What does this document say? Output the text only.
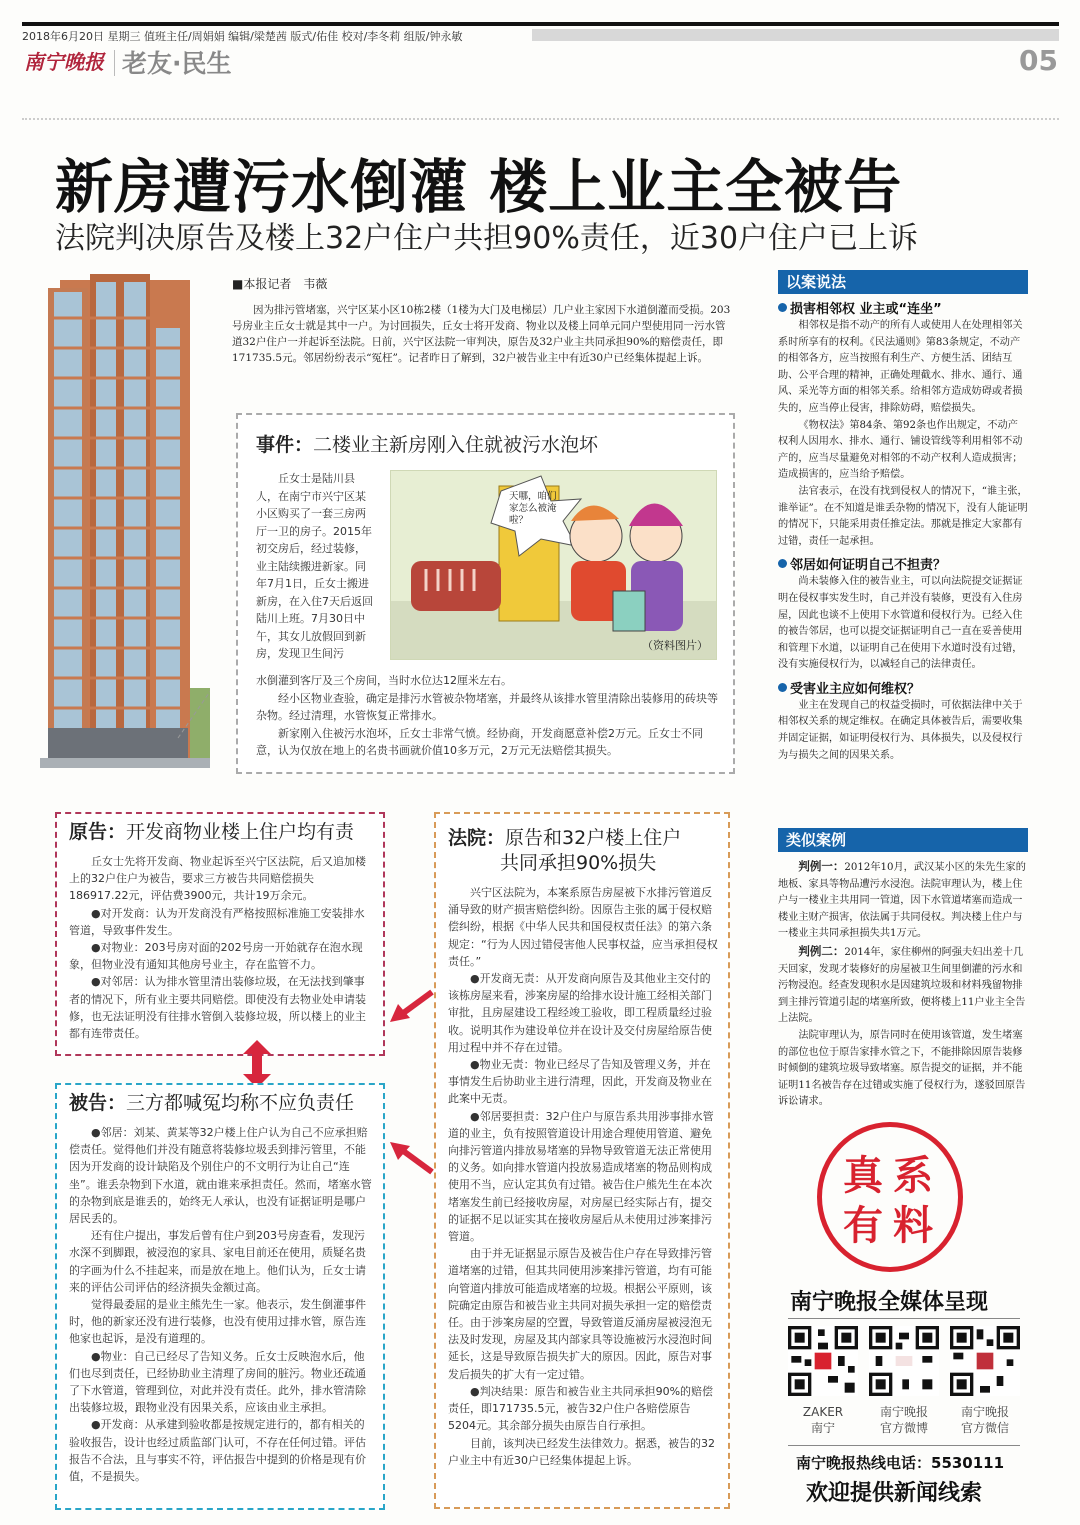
2018年6月20日 星期三 值班主任/周娟娟 编辑/梁楚茜 版式/佑佳 校对/李冬莉 组版/钟永敏
南宁晚报 老友·民生	05
新房遭污水倒灌 楼上业主全被告
法院判决原告及楼上32户住户共担90%责任，近30户住户已上诉
■本报记者　韦薇
因为排污管堵塞，兴宁区某小区10栋2楼（1楼为大门及电梯层）几户业主家因下水道倒灌而受损。203号房业主丘女士就是其中一户。为讨回损失，丘女士将开发商、物业以及楼上同单元同户型使用同一污水管道32户住户一并起诉至法院。日前，兴宁区法院一审判决，原告及32户业主共同承担90%的赔偿责任，即171735.5元。邻居纷纷表示“冤枉”。记者昨日了解到，32户被告业主中有近30户已经集体提起上诉。
事件：二楼业主新房刚入住就被污水泡坏
丘女士是陆川县人，在南宁市兴宁区某小区购买了一套三房两厅一卫的房子。2015年初交房后，经过装修，业主陆续搬进新家。同年7月1日，丘女士搬进新房，在入住7天后返回陆川上班。7月30日中午，其女儿放假回到新房，发现卫生间污
天哪，咱们家怎么被淹啦？
（资料图片）

水倒灌到客厅及三个房间，当时水位达12厘米左右。

经小区物业查验，确定是排污水管被杂物堵塞，并最终从该排水管里清除出装修用的砖块等杂物。经过清理，水管恢复正常排水。

新家刚入住被污水泡坏，丘女士非常气愤。经协商，开发商愿意补偿2万元。丘女士不同意，认为仅放在地上的名贵书画就价值10多万元，2万元无法赔偿其损失。

原告：开发商物业楼上住户均有责

丘女士先将开发商、物业起诉至兴宁区法院，后又追加楼上的32户住户为被告，要求三方被告共同赔偿损失186917.22元，评估费3900元，共计19万余元。

●对开发商：认为开发商没有严格按照标准施工安装排水管道，导致事件发生。

●对物业：203号房对面的202号房一开始就存在泡水现象，但物业没有通知其他房号业主，存在监管不力。

●对邻居：认为排水管里清出装修垃圾，在无法找到肇事者的情况下，所有业主要共同赔偿。即使没有去物业处申请装修，也无法证明没有往排水管倒入装修垃圾，所以楼上的业主都有连带责任。

被告：三方都喊冤均称不应负责任

●邻居：刘某、黄某等32户楼上住户认为自己不应承担赔偿责任。觉得他们并没有随意将装修垃圾丢到排污管里，不能因为开发商的设计缺陷及个别住户的不文明行为让自己“连坐”。谁丢杂物到下水道，就由谁来承担责任。然而，堵塞水管的杂物到底是谁丢的，始终无人承认，也没有证据证明是哪户居民丢的。

还有住户提出，事发后曾有住户到203号房查看，发现污水深不到脚跟，被浸泡的家具、家电目前还在使用，质疑名贵的字画为什么不挂起来，而是放在地上。他们认为，丘女士请来的评估公司评估的经济损失金额过高。

觉得最委屈的是业主熊先生一家。他表示，发生倒灌事件时，他的新家还没有进行装修，也没有使用过排水管，原告连他家也起诉，是没有道理的。

●物业：自己已经尽了告知义务。丘女士反映泡水后，他们也尽到责任，已经协助业主清理了房间的脏污。物业还疏通了下水管道，管理到位，对此并没有责任。此外，排水管清除出装修垃圾，跟物业没有因果关系，应该由业主承担。

●开发商：从承建到验收都是按规定进行的，都有相关的验收报告，设计也经过质监部门认可，不存在任何过错。评估报告不合法，且与事实不符，评估报告中提到的价格是现有价值，不是损失。

法院：原告和32户楼上住户
共同承担90%损失

兴宁区法院为，本案系原告房屋被下水排污管道反涌导致的财产损害赔偿纠纷。因原告主张的属于侵权赔偿纠纷，根据《中华人民共和国侵权责任法》的第六条规定：“行为人因过错侵害他人民事权益，应当承担侵权责任。”

●开发商无责：从开发商向原告及其他业主交付的该栋房屋来看，涉案房屋的给排水设计施工经相关部门审批，且房屋建设工程经竣工验收，即工程质量经过验收。说明其作为建设单位并在设计及交付房屋给原告使用过程中并不存在过错。

●物业无责：物业已经尽了告知及管理义务，并在事情发生后协助业主进行清理，因此，开发商及物业在此案中无责。

●邻居要担责：32户住户与原告系共用涉事排水管道的业主，负有按照管道设计用途合理使用管道、避免向排污管道内排放易堵塞的异物导致管道无法正常使用的义务。如向排水管道内投放易造成堵塞的物品则构成使用不当，应认定其负有过错。被告住户熊先生在本次堵塞发生前已经接收房屋，对房屋已经实际占有，提交的证据不足以证实其在接收房屋后从未使用过涉案排污管道。

由于并无证据显示原告及被告住户存在导致排污管道堵塞的过错，但其共同使用涉案排污管道，均有可能向管道内排放可能造成堵塞的垃圾。根据公平原则，该院确定由原告和被告业主共同对损失承担一定的赔偿责任。由于涉案房屋的空置，导致管道反涌房屋被浸泡无法及时发现，房屋及其内部家具等设施被污水浸泡时间延长，这是导致原告损失扩大的原因。因此，原告对事发后损失的扩大有一定过错。

●判决结果：原告和被告业主共同承担90%的赔偿责任，即171735.5元，被告32户住户各赔偿原告5204元。其余部分损失由原告自行承担。

目前，该判决已经发生法律效力。据悉，被告的32户业主中有近30户已经集体提起上诉。

以案说法
损害相邻权 业主或“连坐”

相邻权是指不动产的所有人或使用人在处理相邻关系时所享有的权利。《民法通则》第83条规定，不动产的相邻各方，应当按照有利生产、方便生活、团结互助、公平合理的精神，正确处理截水、排水、通行、通风、采光等方面的相邻关系。给相邻方造成妨碍或者损失的，应当停止侵害，排除妨碍，赔偿损失。

《物权法》第84条、第92条也作出规定，不动产权利人因用水、排水、通行、铺设管线等利用相邻不动产的，应当尽量避免对相邻的不动产权利人造成损害；造成损害的，应当给予赔偿。

法官表示，在没有找到侵权人的情况下，“谁主张，谁举证”。在不知道是谁丢杂物的情况下，没有人能证明的情况下，只能采用责任推定法。那就是推定大家都有过错，责任一起承担。

邻居如何证明自己不担责？

尚未装修入住的被告业主，可以向法院提交证据证明在侵权事实发生时，自己并没有装修，更没有入住房屋，因此也谈不上使用下水管道和侵权行为。已经入住的被告邻居，也可以提交证据证明自己一直在妥善使用和管理下水道，以证明自己在使用下水道时没有过错，没有实施侵权行为，以减轻自己的法律责任。

受害业主应如何维权？

业主在发现自己的权益受损时，可依据法律中关于相邻权关系的规定维权。在确定具体被告后，需要收集并固定证据，如证明侵权行为、具体损失，以及侵权行为与损失之间的因果关系。

类似案例

判例一：2012年10月，武汉某小区的朱先生家的地板、家具等物品遭污水浸泡。法院审理认为，楼上住户与一楼业主共用同一管道，因下水管道堵塞而造成一楼业主财产损害，依法属于共同侵权。判决楼上住户与一楼业主共同承担损失共1万元。

判例二：2014年，家住柳州的阿强夫妇出差十几天回家，发现才装修好的房屋被卫生间里倒灌的污水和污物浸泡。经查发现积水是因建筑垃圾和材料残留物排到主排污管道引起的堵塞所致，便将楼上11户业主全告上法院。

法院审理认为，原告同时在使用该管道，发生堵塞的部位也位于原告家排水管之下，不能排除因原告装修时倾倒的建筑垃圾导致堵塞。原告提交的证据，并不能证明11名被告存在过错或实施了侵权行为，遂驳回原告诉讼请求。

真 系
有 料
南宁晚报全媒体呈现
ZAKER
南宁
南宁晚报
官方微博
南宁晚报
官方微信
南宁晚报热线电话：5530111
欢迎提供新闻线索
